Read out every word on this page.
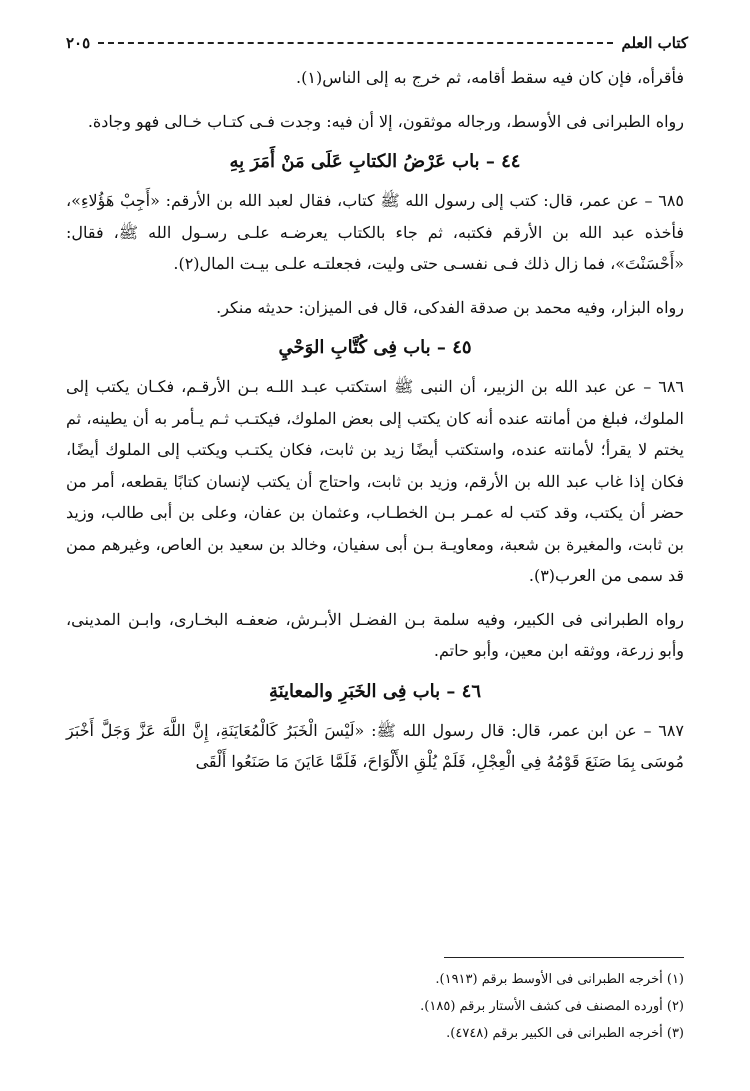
كتاب العلم
٢٠٥

فأقرأه، فإن كان فيه سقط أقامه، ثم خرج به إلى الناس(١).

رواه الطبرانى فى الأوسط، ورجاله موثقون، إلا أن فيه: وجدت فـى كتـاب خـالى فهو وجادة.

٤٤ – باب عَرْضُ الكتابِ عَلَى مَنْ أَمَرَ بِهِ

٦٨٥ – عن عمر، قال: كتب إلى رسول الله ﷺ كتاب، فقال لعبد الله بن الأرقم: «أَجِبْ هَؤُلاءِ»، فأخذه عبد الله بن الأرقم فكتبه، ثم جاء بالكتاب يعرضـه علـى رسـول الله ﷺ، فقال: «أَحْسَنْتَ»، فما زال ذلك فـى نفسـى حتى وليت، فجعلتـه علـى بيـت المال(٢).

رواه البزار، وفيه محمد بن صدقة الفدكى، قال فى الميزان: حديثه منكر.

٤٥ – باب فِى كُتَّابِ الوَحْيِ

٦٨٦ – عن عبد الله بن الزبير، أن النبى ﷺ استكتب عبـد اللـه بـن الأرقـم، فكـان يكتب إلى الملوك، فبلغ من أمانته عنده أنه كان يكتب إلى بعض الملوك، فيكتـب ثـم يـأمر به أن يطينه، ثم يختم لا يقرأ؛ لأمانته عنده، واستكتب أيضًا زيد بن ثابت، فكان يكتـب ويكتب إلى الملوك أيضًا، فكان إذا غاب عبد الله بن الأرقم، وزيد بن ثابت، واحتاج أن يكتب لإنسان كتابًا يقطعه، أمر من حضر أن يكتب، وقد كتب له عمـر بـن الخطـاب، وعثمان بن عفان، وعلى بن أبى طالب، وزيد بن ثابت، والمغيرة بن شعبة، ومعاويـة بـن أبى سفيان، وخالد بن سعيد بن العاص، وغيرهم ممن قد سمى من العرب(٣).

رواه الطبرانى فى الكبير، وفيه سلمة بـن الفضـل الأبـرش، ضعفـه البخـارى، وابـن المدينى، وأبو زرعة، ووثقه ابن معين، وأبو حاتم.

٤٦ – باب فِى الخَبَرِ والمعاينَةِ

٦٨٧ – عن ابن عمر، قال: قال رسول الله ﷺ: «لَيْسَ الْخَبَرُ كَالْمُعَايَنَةِ، إِنَّ اللَّهَ عَزَّ وَجَلَّ أَخْبَرَ مُوسَى بِمَا صَنَعَ قَوْمُهُ فِي الْعِجْلِ، فَلَمْ يُلْقِ الأَلْوَاحَ، فَلَمَّا عَايَنَ مَا صَنَعُوا أَلْقَى

(١) أخرجه الطبرانى فى الأوسط برقم (١٩١٣).
(٢) أورده المصنف فى كشف الأستار برقم (١٨٥).
(٣) أخرجه الطبرانى فى الكبير برقم (٤٧٤٨).
